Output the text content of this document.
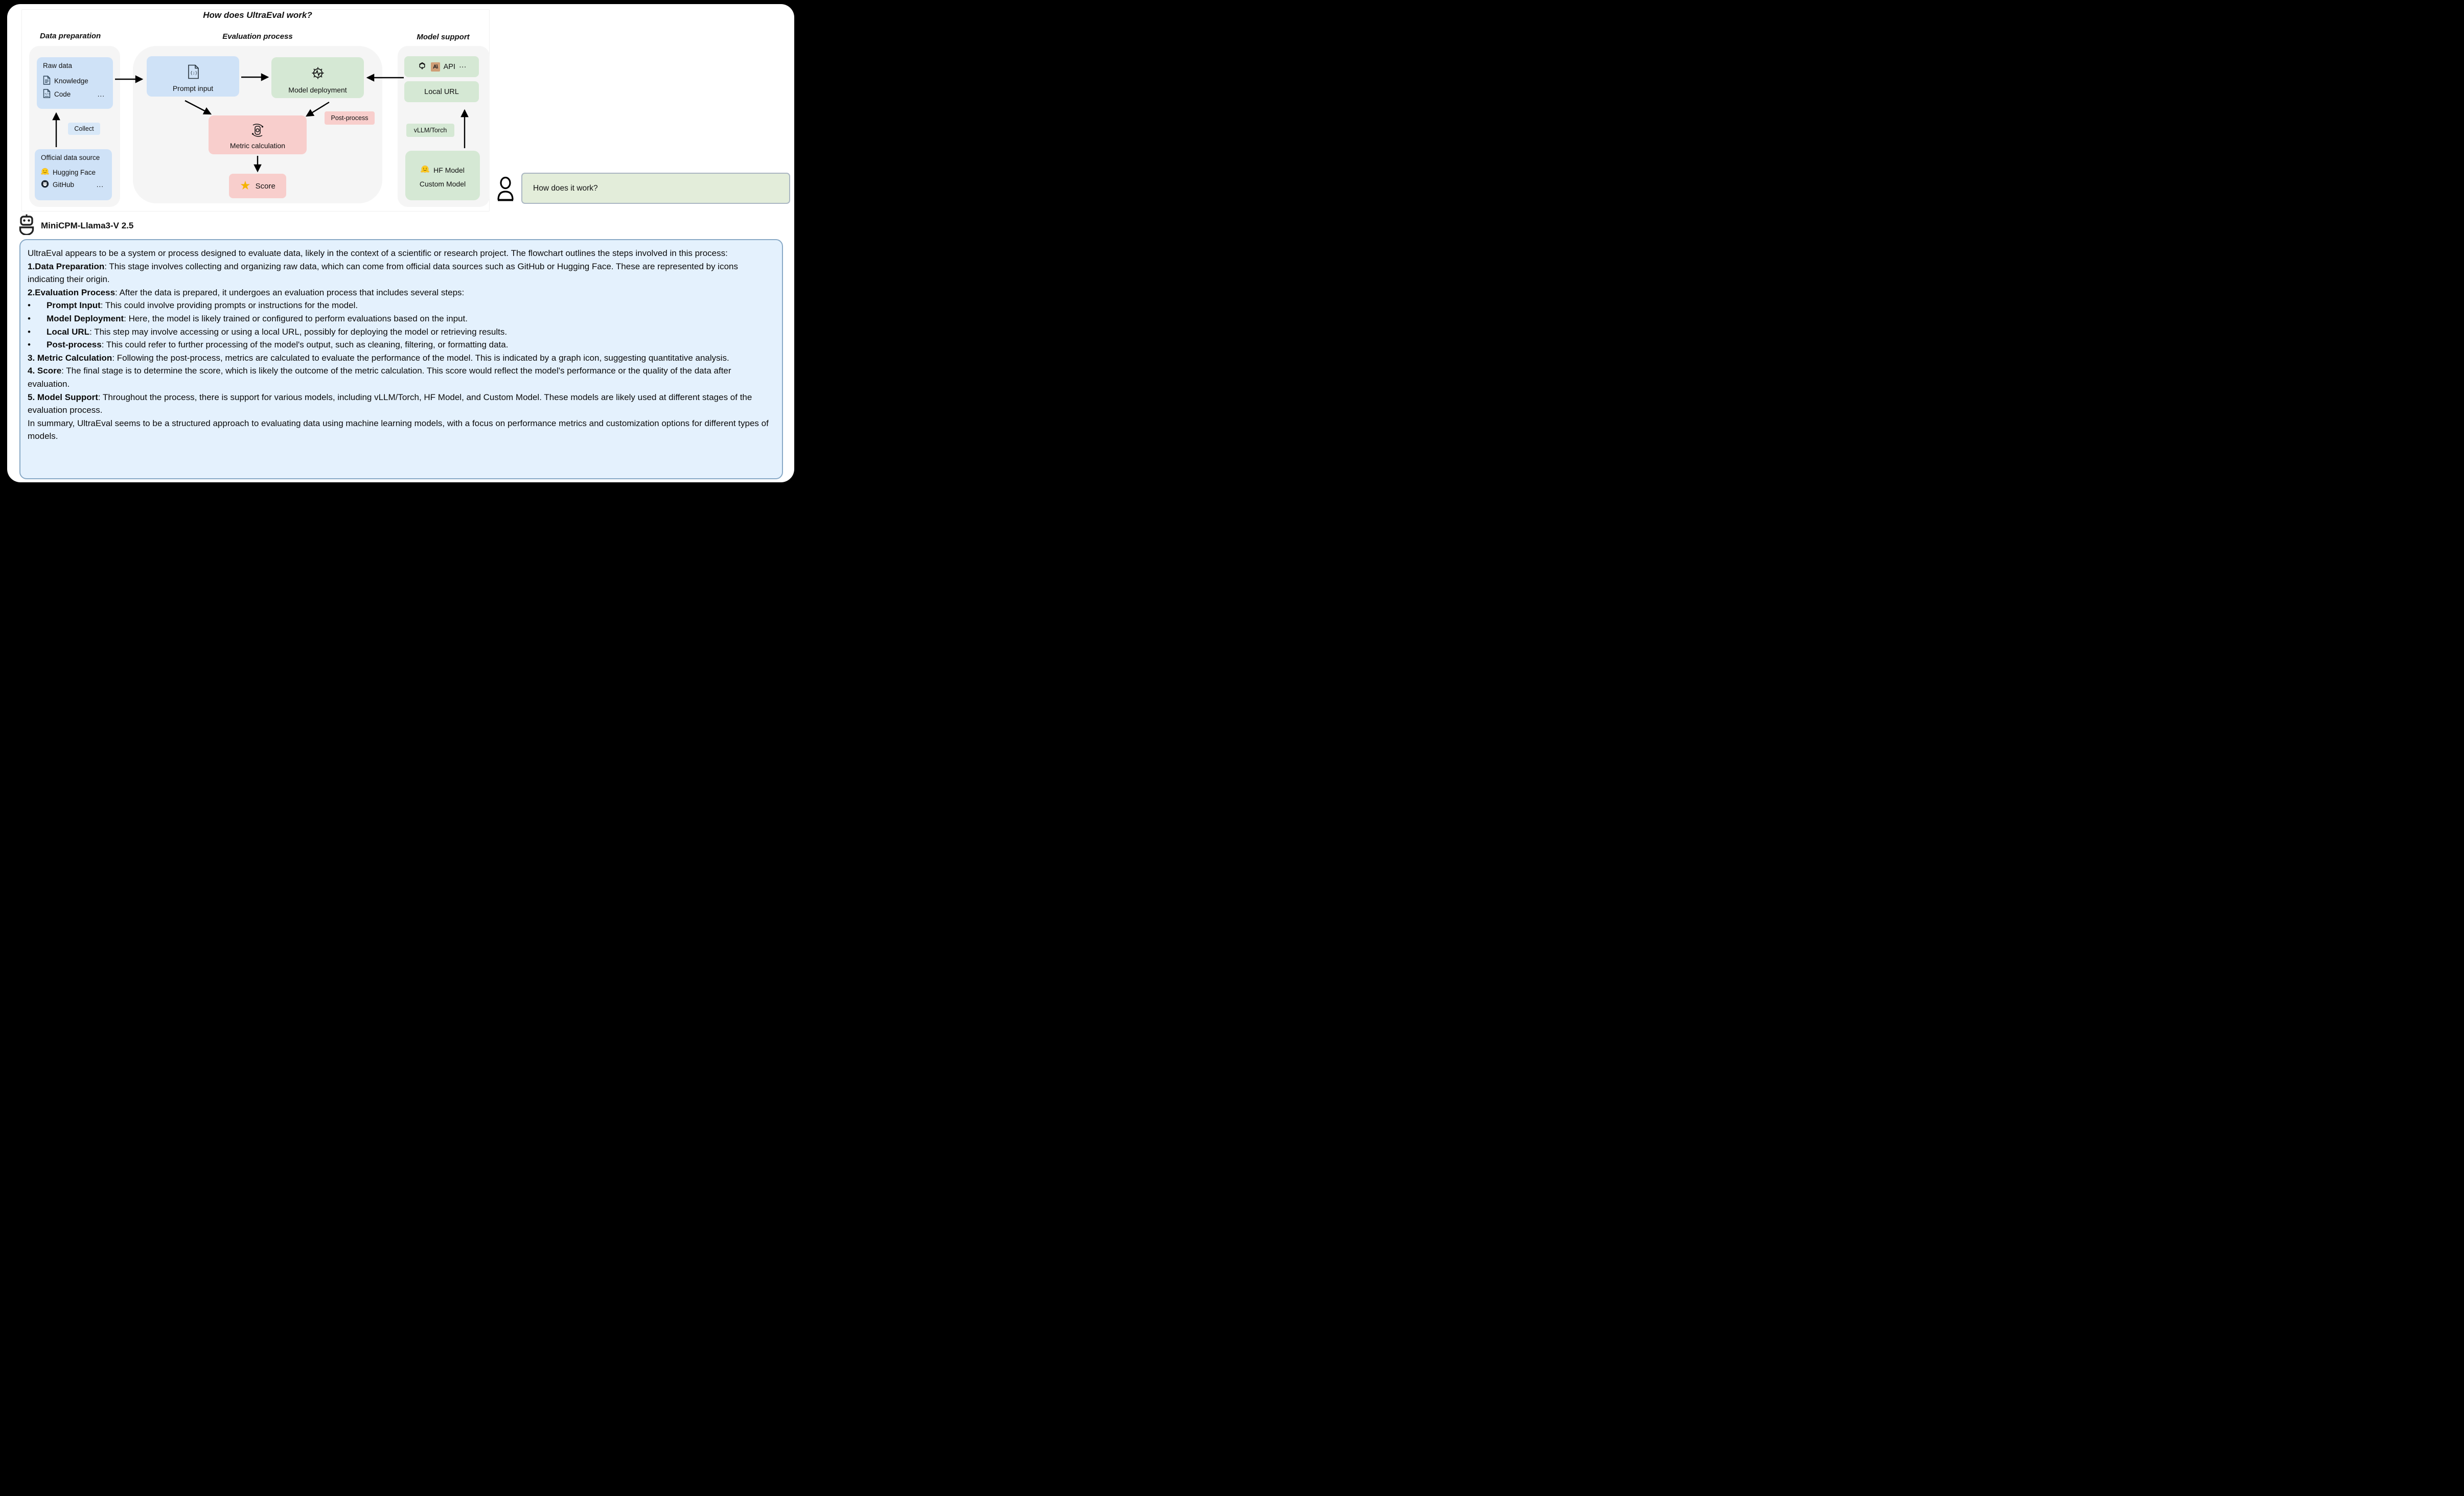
How does UltraEval work?
Data preparation
Raw data
Knowledge
</> Code	...
Collect
Official data source
Hugging Face
GitHub	...
Evaluation process
{;}
Prompt input	Model deployment
Post-process
Metric calculation
★ Score
Model support
A\ API ···
Local URL
vLLM/Torch
HF Model
Custom Model	How does it work?
MiniCPM-Llama3-V 2.5
UltraEval appears to be a system or process designed to evaluate data, likely in the context of a scientific or research project. The flowchart outlines the steps involved in this process:
1.Data Preparation: This stage involves collecting and organizing raw data, which can come from official data sources such as GitHub or Hugging Face. These are represented by icons indicating their origin.
2.Evaluation Process: After the data is prepared, it undergoes an evaluation process that includes several steps:
• Prompt Input: This could involve providing prompts or instructions for the model.
• Model Deployment: Here, the model is likely trained or configured to perform evaluations based on the input.
• Local URL: This step may involve accessing or using a local URL, possibly for deploying the model or retrieving results.
• Post-process: This could refer to further processing of the model's output, such as cleaning, filtering, or formatting data.
3. Metric Calculation: Following the post-process, metrics are calculated to evaluate the performance of the model. This is indicated by a graph icon, suggesting quantitative analysis.
4. Score: The final stage is to determine the score, which is likely the outcome of the metric calculation. This score would reflect the model's performance or the quality of the data after evaluation.
5. Model Support: Throughout the process, there is support for various models, including vLLM/Torch, HF Model, and Custom Model. These models are likely used at different stages of the evaluation process.
In summary, UltraEval seems to be a structured approach to evaluating data using machine learning models, with a focus on performance metrics and customization options for different types of models.
